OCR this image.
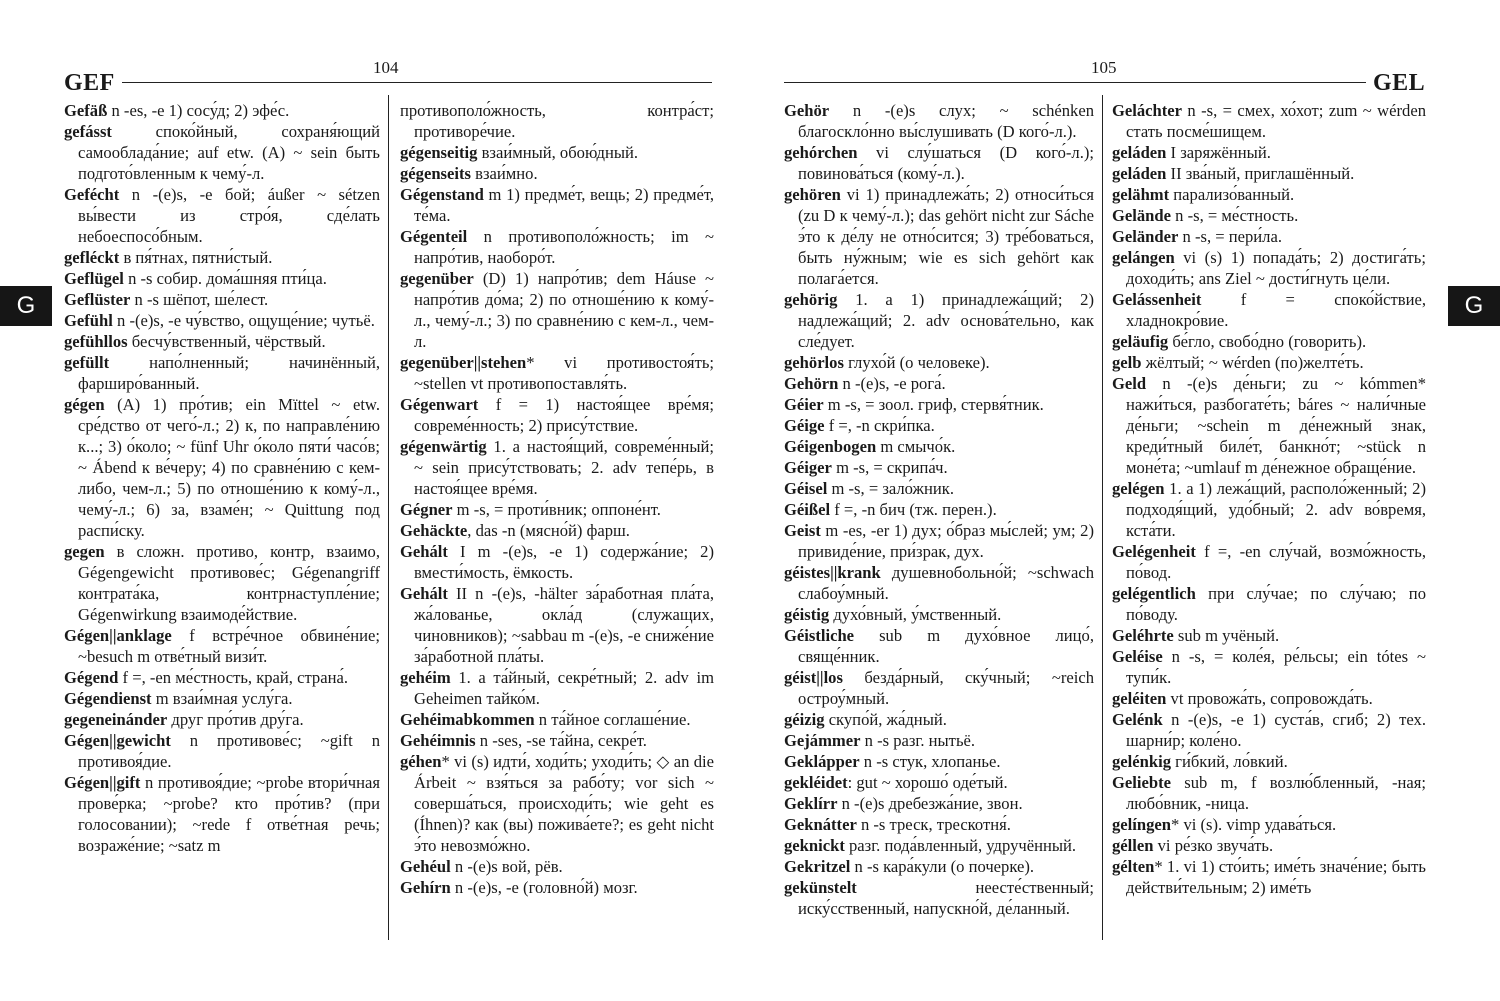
104
GEF

Gefäß n -es, -e 1) сосу́д; 2) эфе́с.

gefásst споко́йный, сохраня́ющий самооблада́ние; auf etw. (A) ~ sein быть подгото́вленным к чему́-л.

Gefécht n -(e)s, -e бой; áußer ~ sétzen вы́вести из стро́я, сде́лать небоеспосо́бным.

gefléckt в пя́тнах, пятни́стый.

Geflügel n -s собир. дома́шняя пти́ца.

Geflüster n -s шёпот, ше́лест.

Gefühl n -(e)s, -e чу́вство, ощуще́ние; чутьё.

gefühllos бесчу́вственный, чёрствый.

gefüllt напо́лненный; начинённый, фарширо́ванный.

gégen (A) 1) про́тив; ein Mïttel ~ etw. сре́дство от чего́-л.; 2) к, по направле́нию к...; 3) о́коло; ~ fünf Uhr о́коло пяти́ часо́в; ~ Ábend к ве́черу; 4) по сравне́нию с кем-либо, чем-л.; 5) по отноше́нию к кому́-л., чему́-л.; 6) за, взаме́н; ~ Quittung под распи́ску.

gegen в сложн. противо, контр, взаимо, Gégengewicht противове́с; Gégenangriff контрата́ка, контрнаступле́ние; Gégenwirkung взаимоде́йствие.

Gégen||anklage f встре́чное обвине́ние; ~besuch m отве́тный визи́т.

Gégend f =, -en ме́стность, край, страна́.

Gégendienst m взаи́мная услу́га.

gegeneinánder друг про́тив дру́га.

Gégen||gewicht n противове́с; ~gift n противоя́дие.

Gégen||gift n противоя́дие; ~probe втори́чная прове́рка; ~probe? кто про́тив? (при голосовании); ~rede f отве́тная речь; возраже́ние; ~satz m

противополо́жность, контра́ст; противоре́чие.

gégenseitig взаи́мный, обою́дный.

gégenseits взаи́мно.

Gégenstand m 1) предме́т, вещь; 2) предме́т, те́ма.

Gégenteil n противополо́жность; im ~ напро́тив, наоборо́т.

gegenüber (D) 1) напро́тив; dem Háuse ~ напро́тив до́ма; 2) по отноше́нию к кому́-л., чему́-л.; 3) по сравне́нию с кем-л., чем-л.

gegenüber||stehen* vi противостоя́ть; ~stellen vt противопоставля́ть.

Gégenwart f = 1) настоя́щее вре́мя; совреме́нность; 2) прису́тствие.

gégenwärtig 1. a настоя́щий, совреме́нный; ~ sein прису́тствовать; 2. adv тепе́рь, в настоя́щее вре́мя.

Gégner m -s, = проти́вник; оппоне́нт.

Gehäckte, das -n (мясно́й) фарш.

Gehált I m -(e)s, -e 1) содержа́ние; 2) вмести́мость, ёмкость.

Gehált II n -(e)s, -hälter за́работная пла́та, жа́лованье, окла́д (служащих, чиновников); ~sabbau m -(e)s, -e сниже́ние за́работной пла́ты.

gehéim 1. a та́йный, секре́тный; 2. adv im Geheimen тайко́м.

Gehéimabkommen n та́йное соглаше́ние.

Gehéimnis n -ses, -se та́йна, секре́т.

géhen* vi (s) идти́, ходи́ть; уходи́ть; ◇ an die Árbeit ~ взя́ться за рабо́ту; vor sich ~ соверша́ться, происходи́ть; wie geht es (Íhnen)? как (вы) пожива́ете?; es geht nicht э́то невозмо́жно.

Gehéul n -(e)s вой, рёв.

Gehírn n -(e)s, -e (головно́й) мозг.

G
105
GEL

Gehör n -(e)s слух; ~ schénken благоскло́нно вы́слушивать (D кого́-л.).

gehórchen vi слу́шаться (D кого́-л.); повинова́ться (кому́-л.).

gehören vi 1) принадлежа́ть; 2) относи́ться (zu D к чему́-л.); das gehört nicht zur Sáche э́то к де́лу не отно́сится; 3) тре́боваться, быть ну́жным; wie es sich gehört как полага́ется.

gehörig 1. a 1) принадлежа́щий; 2) надлежа́щий; 2. adv основа́тельно, как сле́дует.

gehörlos глухо́й (о человеке).

Gehörn n -(e)s, -e рога́.

Géier m -s, = зоол. гриф, стервя́тник.

Géige f =, -n скри́пка.

Géigenbogen m смычо́к.

Géiger m -s, = скрипа́ч.

Géisel m -s, = зало́жник.

Géißel f =, -n бич (тж. перен.).

Geist m -es, -er 1) дух; о́браз мы́слей; ум; 2) привиде́ние, при́зрак, дух.

géistes||krank душевнобольно́й; ~schwach слабоу́мный.

géistig духо́вный, у́мственный.

Géistliche sub m духо́вное лицо́, свяще́нник.

géist||los безда́рный, ску́чный; ~reich остроу́мный.

géizig скупо́й, жа́дный.

Gejámmer n -s разг. нытьё.

Geklápper n -s стук, хлопанье.

gekléidet: gut ~ хорошо́ оде́тый.

Geklírr n -(e)s дребезжа́ние, звон.

Geknátter n -s треск, трескотня́.

geknickt разг. пода́вленный, удручённый.

Gekritzel n -s кара́кули (о почерке).

gekünstelt неесте́ственный; иску́сственный, напускно́й, де́ланный.

Geláchter n -s, = смех, хо́хот; zum ~ wérden стать посме́шищем.

geláden I заряжённый.

geláden II зва́ный, приглашённый.

gelähmt парализо́ванный.

Gelände n -s, = ме́стность.

Geländer n -s, = пери́ла.

gelángen vi (s) 1) попада́ть; 2) достига́ть; доходи́ть; ans Ziel ~ дости́гнуть це́ли.

Gelássenheit f = споко́йствие, хладнокро́вие.

geläufig бе́гло, свобо́дно (говорить).

gelb жёлтый; ~ wérden (по)желте́ть.

Geld n -(e)s де́ньги; zu ~ kómmen* нажи́ться, разбогате́ть; báres ~ нали́чные де́ньги; ~schein m де́нежный знак, креди́тный биле́т, банкно́т; ~stück n моне́та; ~umlauf m де́нежное обраще́ние.

gelégen 1. a 1) лежа́щий, располо́женный; 2) подходя́щий, удо́бный; 2. adv во́время, кста́ти.

Gelégenheit f =, -en слу́чай, возмо́жность, по́вод.

gelégentlich при слу́чае; по слу́чаю; по по́воду.

Geléhrte sub m учёный.

Geléise n -s, = коле́я, ре́льсы; ein tótes ~ тупи́к.

geléiten vt провожа́ть, сопровожда́ть.

Gelénk n -(e)s, -e 1) суста́в, сгиб; 2) тех. шарни́р; коле́но.

gelénkig ги́бкий, ло́вкий.

Geliebte sub m, f возлю́бленный, -ная; любо́вник, -ница.

gelíngen* vi (s). vimp удава́ться.

géllen vi ре́зко звуча́ть.

gélten* 1. vi 1) сто́ить; име́ть значе́ние; быть действи́тельным; 2) име́ть

G
